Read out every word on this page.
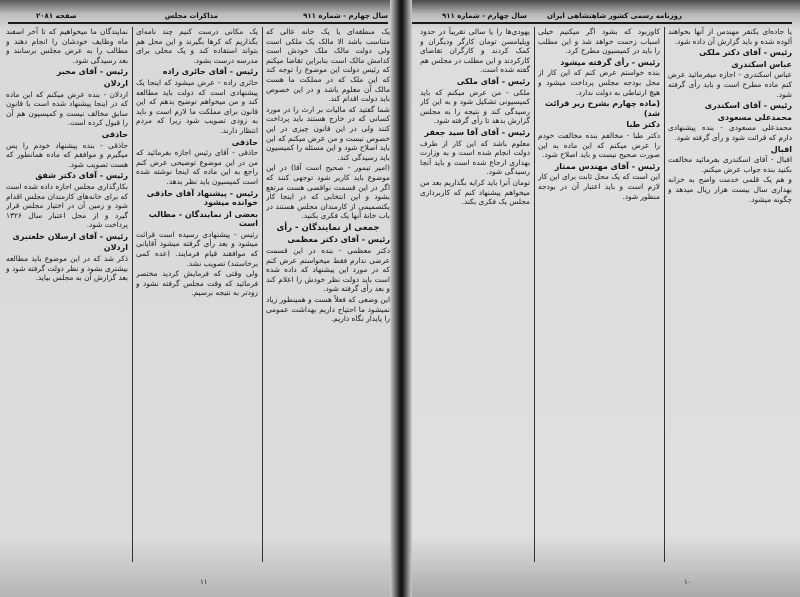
سال چهارم - شماره ۹۱۱
مذاکرات مجلس
صفحه ۲۰۸۱

یک منطقه‌ای یا یک خانه عالی که متناسب باشد الا مالک یک ملکی است ولی دولت مالک ملک خودش است کدامش مالک است بنابراین تقاضا میکنم که رئیس دولت این موضوع را توجه کند که این ملک که در مملکت ما هست مالک آن معلوم باشد و در این خصوص باید دولت اقدام کند.

شما گفتید که مالیات بر ارث را در مورد کسانی که در خارج هستند باید پرداخت کنند ولی در این قانون چیزی در این خصوص نیست و من عرض میکنم که این باید اصلاح شود و این مسئله را کمیسیون باید رسیدگی کند.

(امیر تیمور - صحیح است آقا) در این موضوع باید کاریر شود توجهی کنند که اگر در این قسمت نواقصی هست مرتفع بشود و این انتخابی که در اینجا کار یکتصمیمی از کارمندان مجلس هستند در باب خانهٔ آنها یک فکری بکنید.

جمعی از نمایندگان - رأی
رئیس - آقای دکتر معظمی

دکتر معظمی - بنده در این قسمت عرضی ندارم فقط میخواستم عرض کنم که در مورد این پیشنهاد که داده شده است باید دولت نظر خودش را اعلام کند و بعد رأی گرفته شود.

این وضعی که فعلاً هست و همینطور زیاد نمیشود ما احتیاج داریم بهداشت عمومی را پایدار نگاه داریم.

یک مکانی درست کنیم چند نامه‌ای بگذاریم که کرها بگیرند و این محل هم بتواند استفاده کند و یک محلی برای مدرسه درست بشود.

رئیس - آقای حائری زاده

حائری زاده - عرض میشود که اینجا یک پیشنهادی است که دولت باید مطالعه کند و من میخواهم توضیح بدهم که این قانون برای مملکت ما لازم است و باید به زودی تصویب شود زیرا که مردم انتظار دارند.

حاذقی

حاذقی - آقای رئیس اجازه بفرمائید که من در این موضوع توضیحی عرض کنم راجع به این ماده که اینجا نوشته شده است کمیسیون باید نظر بدهد.

رئیس - پیشنهاد آقای حاذقی خوانده میشود
بعضی از نمایندگان - مطالب است

رئیس - پیشنهادی رسیده است قرائت میشود و بعد رأی گرفته میشود آقایانی که موافقند قیام فرمایند. (عده کمی برخاستند) تصویب نشد.

ولی وقتی که فرمایش کردید مختصر فرمائید که وقت مجلس گرفته نشود و زودتر به نتیجه برسیم.

نمایندگان ما میخواهیم که تا آخر اسفند ماه وظایف خودشان را انجام دهند و مطالب را به عرض مجلس برسانند و بعد رسیدگی شود.

رئیس - آقای مخبر
اردلان

اردلان - بنده عرض میکنم که این ماده که در اینجا پیشنهاد شده است با قانون سابق مخالف نیست و کمیسیون هم آن را قبول کرده است.

حاذقی

حاذقی - بنده پیشنهاد خودم را پس میگیرم و موافقم که ماده همانطور که هست تصویب شود.

رئیس - آقای دکتر شفق

بکارگذاری مجلس اجازه داده شده است که برای خانه‌های کارمندان مجلس اقدام شود و زمین آن در اختیار مجلس قرار گیرد و از محل اعتبار سال ۱۳۲۶ پرداخت شود.

رئیس - آقای ارسلان خلعتبری
اردلان

ذکر شد که در این موضوع باید مطالعه بیشتری بشود و نظر دولت گرفته شود و بعد گزارش آن به مجلس بیاید.

۱۱
روزنامه رسمی کشور شاهنشاهی ایران
سال چهارم - شماره ۹۱۱

یا جاده‌ای یکنفر مهندس از آنها بخواهند آلوده شده و باید گزارش آن داده شود.

رئیس - آقای دکتر ملکی
عباس اسکندری

عباس اسکندری - اجازه میفرمائید عرض کنم ماده مطرح است و باید رأی گرفته شود.

رئیس - آقای اسکندری
محمدعلی مسعودی

محمدعلی مسعودی - بنده پیشنهادی دارم که قرائت شود و رأی گرفته شود.

اقبال

اقبال - آقای اسکندری بفرمائید مخالفت بکنید بنده جواب عرض میکنم.

و هم یک قلمی خدمت واضح به خزانه بهداری سال بیست هزار ریال میدهد و چگونه میشود.

کاوزبود که بشود اگر میکنیم خیلی اسباب زحمت خواهد شد و این مطلب را باید در کمیسیون مطرح کرد.

رئیس - رأی گرفته میشود

بنده خواستم عرض کنم که این کار از محل بودجه مجلس پرداخت میشود و هیچ ارتباطی به دولت ندارد.

(ماده چهارم بشرح زیر قرائت شد)
دکتر طبا

دکتر طبا - مخالفم بنده مخالفت خودم را عرض میکنم که این ماده به این صورت صحیح نیست و باید اصلاح شود.

رئیس - آقای مهندس ممتاز

این است که یک محل ثابت برای این کار لازم است و باید اعتبار آن در بودجه منظور شود.

یهودی‌ها را یا سالی تقریباً در حدود ویلیامسن تومان کارگر ودیگران و کمک کردند و کارگران تقاضای کارکردند و این مطلب در مجلس هم گفته شده است.

رئیس - آقای ملکی

ملکی - من عرض میکنم که باید کمیسیونی تشکیل شود و به این کار رسیدگی کند و نتیجه را به مجلس گزارش بدهد تا رأی گرفته شود.

رئیس - آقای آقا سید جعفر

معلوم باشد که این کار از طرف دولت انجام شده است و به وزارت بهداری ارجاع شده است و باید آنجا رسیدگی شود.

تومان آنرا باید کرایه بگذاریم بعد من میخواهم پیشنهاد کنم که کاربردازی مجلس یک فکری بکند.

۱۰
